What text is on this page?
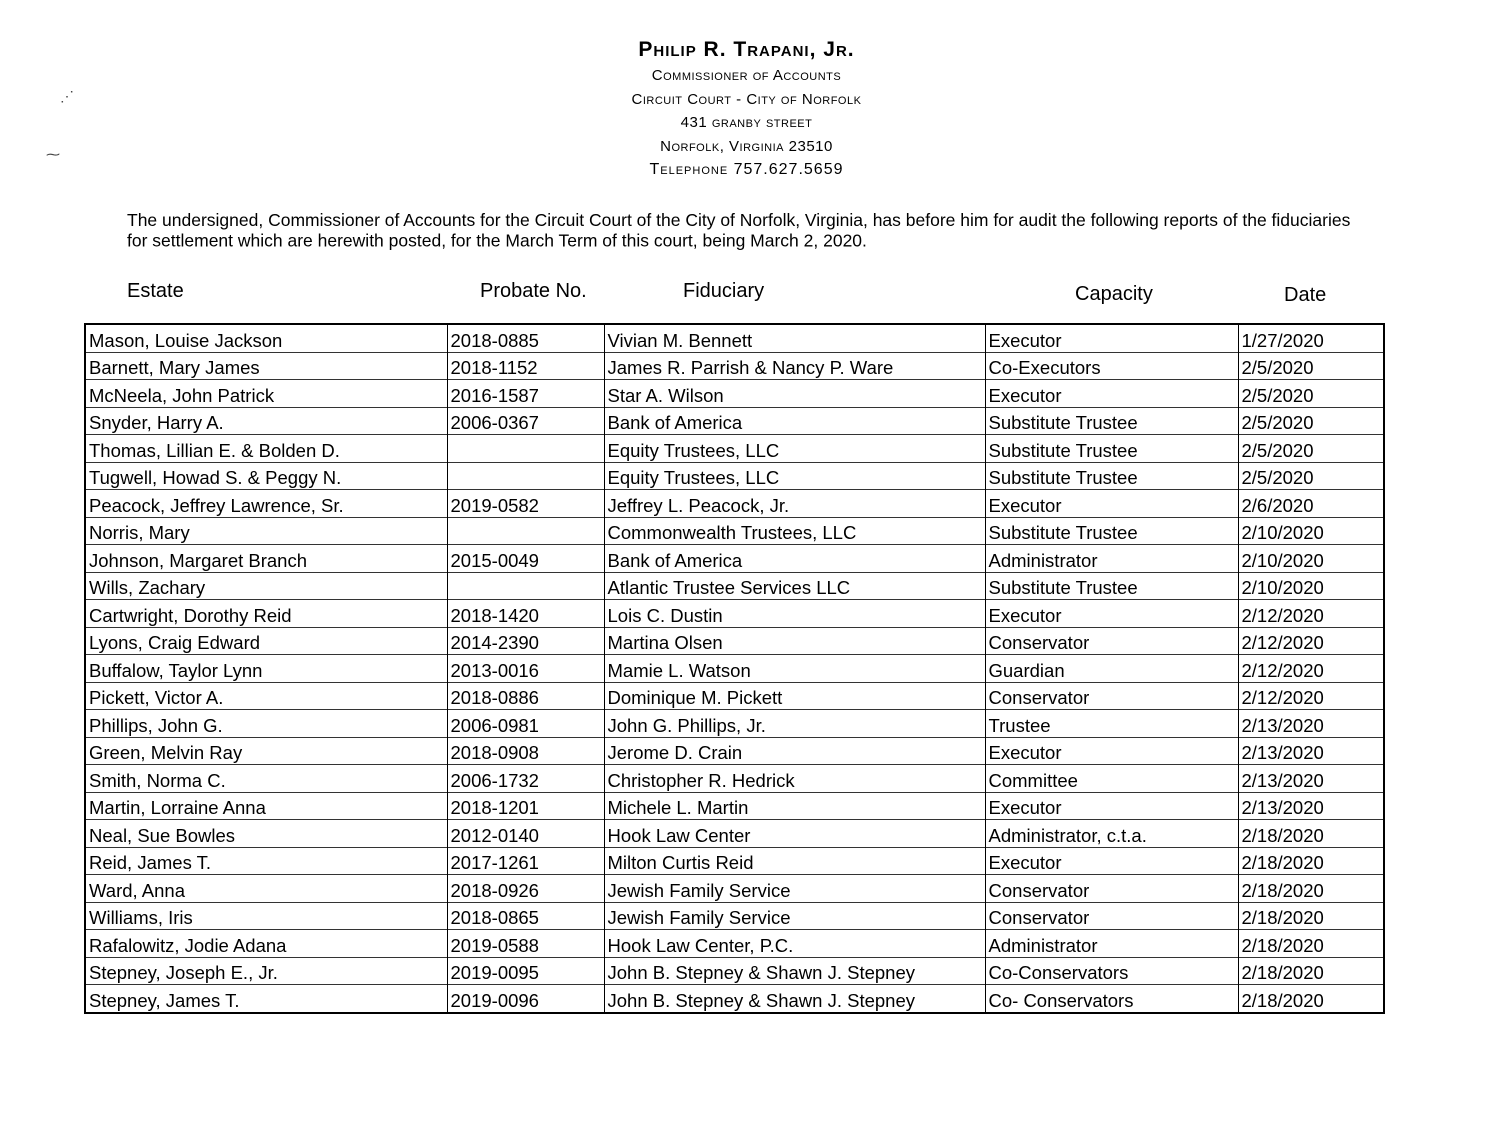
Philip R. Trapani, Jr.
Commissioner of Accounts
Circuit Court - City of Norfolk
431 granby street
Norfolk, Virginia 23510
Telephone 757.627.5659
The undersigned, Commissioner of Accounts for the Circuit Court of the City of Norfolk, Virginia, has before him for audit the following reports of the fiduciaries for settlement which are herewith posted, for the March Term of this court, being March 2, 2020.
Estate	Probate No.	Fiduciary	Capacity	Date
Mason, Louise Jackson	2018-0885	Vivian M. Bennett	Executor	1/27/2020
Barnett, Mary James	2018-1152	James R. Parrish & Nancy P. Ware	Co-Executors	2/5/2020
McNeela, John Patrick	2016-1587	Star A. Wilson	Executor	2/5/2020
Snyder, Harry A.	2006-0367	Bank of America	Substitute Trustee	2/5/2020
Thomas, Lillian E. & Bolden D.		Equity Trustees, LLC	Substitute Trustee	2/5/2020
Tugwell, Howad S. & Peggy N.		Equity Trustees, LLC	Substitute Trustee	2/5/2020
Peacock, Jeffrey Lawrence, Sr.	2019-0582	Jeffrey L. Peacock, Jr.	Executor	2/6/2020
Norris, Mary		Commonwealth Trustees, LLC	Substitute Trustee	2/10/2020
Johnson, Margaret Branch	2015-0049	Bank of America	Administrator	2/10/2020
Wills, Zachary		Atlantic Trustee Services LLC	Substitute Trustee	2/10/2020
Cartwright, Dorothy Reid	2018-1420	Lois C. Dustin	Executor	2/12/2020
Lyons, Craig Edward	2014-2390	Martina Olsen	Conservator	2/12/2020
Buffalow, Taylor Lynn	2013-0016	Mamie L. Watson	Guardian	2/12/2020
Pickett, Victor A.	2018-0886	Dominique M. Pickett	Conservator	2/12/2020
Phillips, John G.	2006-0981	John G. Phillips, Jr.	Trustee	2/13/2020
Green, Melvin Ray	2018-0908	Jerome D. Crain	Executor	2/13/2020
Smith, Norma C.	2006-1732	Christopher R. Hedrick	Committee	2/13/2020
Martin, Lorraine Anna	2018-1201	Michele L. Martin	Executor	2/13/2020
Neal, Sue Bowles	2012-0140	Hook Law Center	Administrator, c.t.a.	2/18/2020
Reid, James T.	2017-1261	Milton Curtis Reid	Executor	2/18/2020
Ward, Anna	2018-0926	Jewish Family Service	Conservator	2/18/2020
Williams, Iris	2018-0865	Jewish Family Service	Conservator	2/18/2020
Rafalowitz, Jodie Adana	2019-0588	Hook Law Center, P.C.	Administrator	2/18/2020
Stepney, Joseph E., Jr.	2019-0095	John B. Stepney & Shawn J. Stepney	Co-Conservators	2/18/2020
Stepney, James T.	2019-0096	John B. Stepney & Shawn J. Stepney	Co- Conservators	2/18/2020
⋰
⁓
